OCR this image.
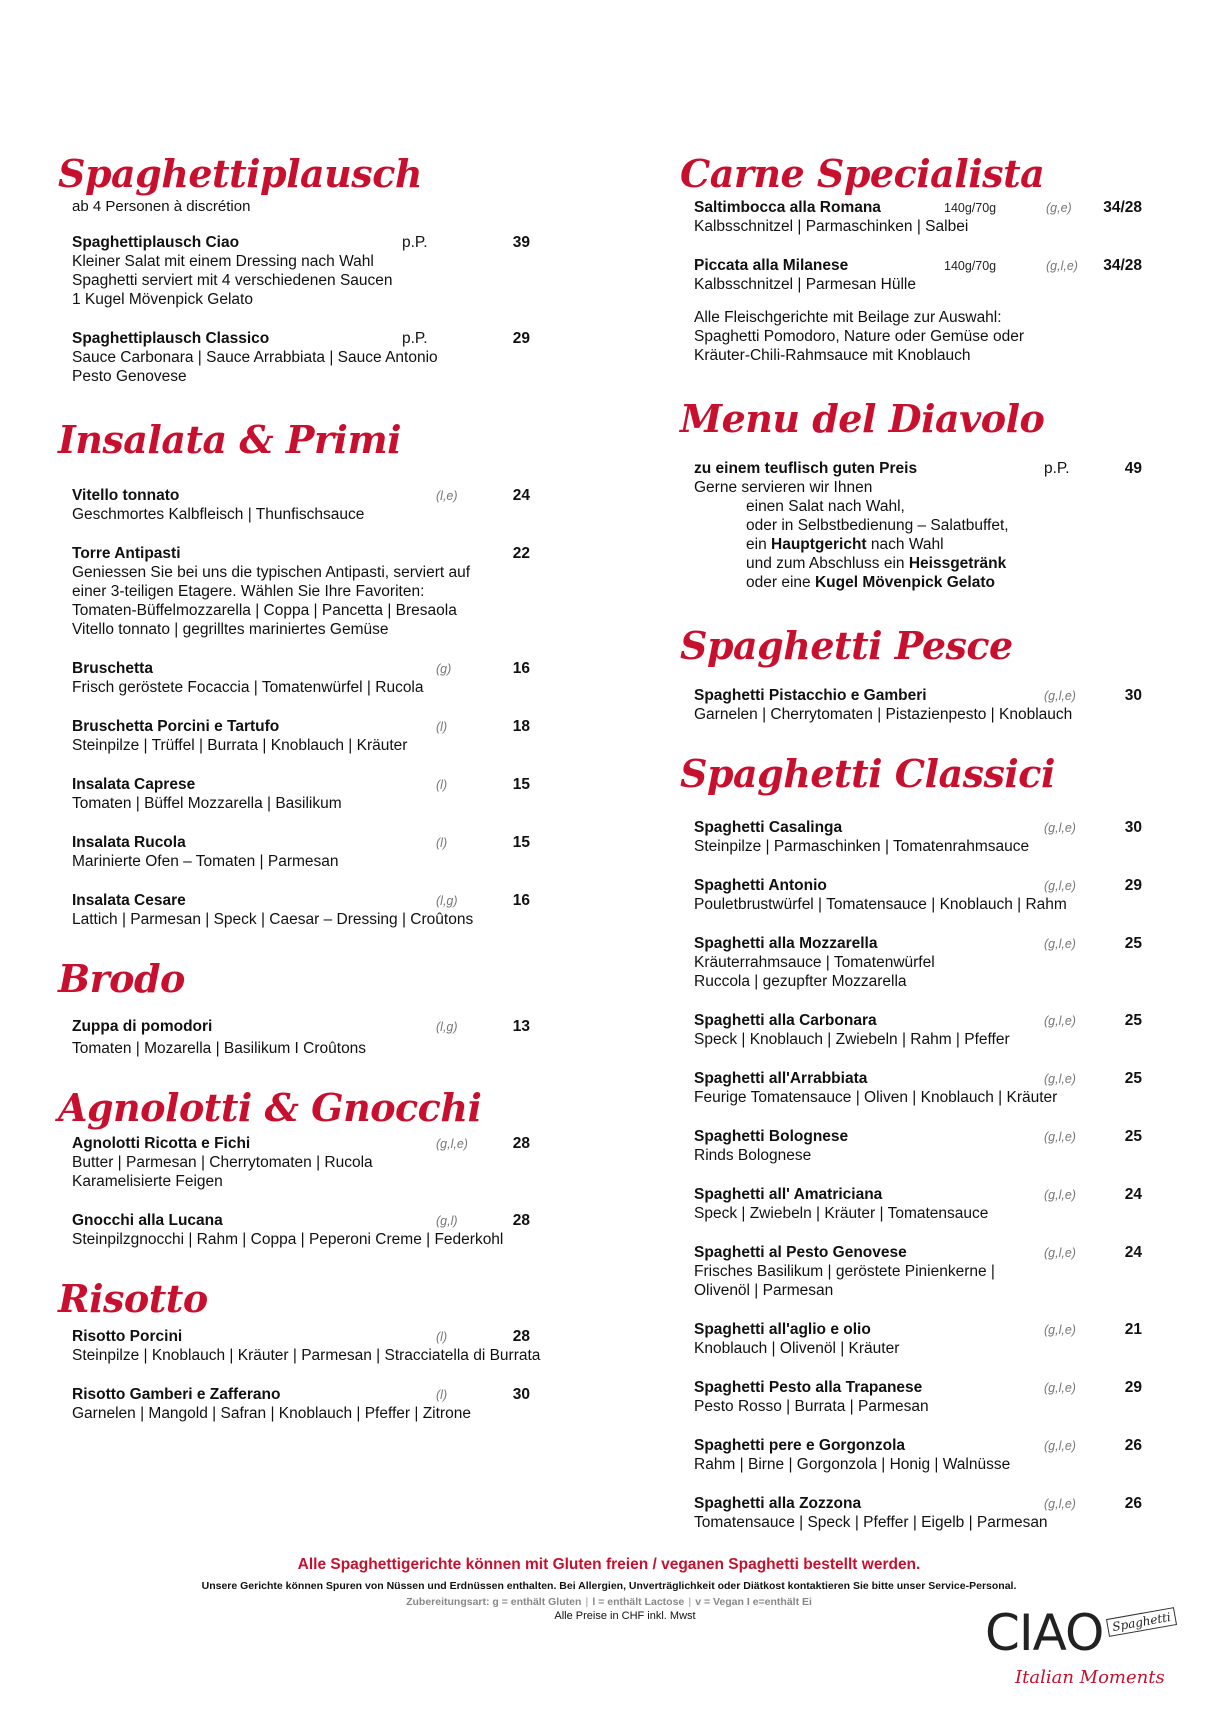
Spaghettiplausch

ab 4 Personen à discrétion

Spaghettiplausch Ciao	p.P.	39
Kleiner Salat mit einem Dressing nach Wahl
Spaghetti serviert mit 4 verschiedenen Saucen
1 Kugel Mövenpick Gelato
Spaghettiplausch Classico	p.P.	29
Sauce Carbonara | Sauce Arrabbiata | Sauce Antonio
Pesto Genovese
Insalata & Primi
Vitello tonnato	(l,e)	24
Geschmortes Kalbfleisch | Thunfischsauce
Torre Antipasti	22
Geniessen Sie bei uns die typischen Antipasti, serviert auf
einer 3-teiligen Etagere. Wählen Sie Ihre Favoriten:
Tomaten-Büffelmozzarella | Coppa | Pancetta | Bresaola
Vitello tonnato | gegrilltes mariniertes Gemüse
Bruschetta	(g)	16
Frisch geröstete Focaccia | Tomatenwürfel | Rucola
Bruschetta Porcini e Tartufo	(l)	18
Steinpilze | Trüffel | Burrata | Knoblauch | Kräuter
Insalata Caprese	(l)	15
Tomaten | Büffel Mozzarella | Basilikum
Insalata Rucola	(l)	15
Marinierte Ofen – Tomaten | Parmesan
Insalata Cesare	(l,g)	16
Lattich | Parmesan | Speck | Caesar – Dressing | Croûtons
Brodo
Zuppa di pomodori	(l,g)	13
Tomaten | Mozarella | Basilikum I Croûtons
Agnolotti & Gnocchi
Agnolotti Ricotta e Fichi	(g,l,e)	28
Butter | Parmesan | Cherrytomaten | Rucola
Karamelisierte Feigen
Gnocchi alla Lucana	(g,l)	28
Steinpilzgnocchi | Rahm | Coppa | Peperoni Creme | Federkohl
Risotto
Risotto Porcini	(l)	28
Steinpilze | Knoblauch | Kräuter | Parmesan | Stracciatella di Burrata
Risotto Gamberi e Zafferano	(l)	30
Garnelen | Mangold | Safran | Knoblauch | Pfeffer | Zitrone
Carne Specialista
Saltimbocca alla Romana	140g/70g	(g,e) 34/28
Kalbsschnitzel | Parmaschinken | Salbei
Piccata alla Milanese	140g/70g	(g,l,e) 34/28
Kalbsschnitzel | Parmesan Hülle
Alle Fleischgerichte mit Beilage zur Auswahl:
Spaghetti Pomodoro, Nature oder Gemüse oder
Kräuter-Chili-Rahmsauce mit Knoblauch
Menu del Diavolo
zu einem teuflisch guten Preis	p.P.	49
Gerne servieren wir Ihnen
einen Salat nach Wahl,
oder in Selbstbedienung – Salatbuffet,
ein Hauptgericht nach Wahl
und zum Abschluss ein Heissgetränk
oder eine Kugel Mövenpick Gelato
Spaghetti Pesce
Spaghetti Pistacchio e Gamberi	(g,l,e)	30
Garnelen | Cherrytomaten | Pistazienpesto | Knoblauch
Spaghetti Classici
Spaghetti Casalinga	(g,l,e)	30
Steinpilze | Parmaschinken | Tomatenrahmsauce
Spaghetti Antonio	(g,l,e)	29
Pouletbrustwürfel | Tomatensauce | Knoblauch | Rahm
Spaghetti alla Mozzarella	(g,l,e)	25
Kräuterrahmsauce | Tomatenwürfel
Ruccola | gezupfter Mozzarella
Spaghetti alla Carbonara	(g,l,e)	25
Speck | Knoblauch | Zwiebeln | Rahm | Pfeffer
Spaghetti all'Arrabbiata	(g,l,e)	25
Feurige Tomatensauce | Oliven | Knoblauch | Kräuter
Spaghetti Bolognese	(g,l,e)	25
Rinds Bolognese
Spaghetti all' Amatriciana	(g,l,e)	24
Speck | Zwiebeln | Kräuter | Tomatensauce
Spaghetti al Pesto Genovese	(g,l,e)	24
Frisches Basilikum | geröstete Pinienkerne |
Olivenöl | Parmesan
Spaghetti all'aglio e olio	(g,l,e)	21
Knoblauch | Olivenöl | Kräuter
Spaghetti Pesto alla Trapanese	(g,l,e)	29
Pesto Rosso | Burrata | Parmesan
Spaghetti pere e Gorgonzola	(g,l,e)	26
Rahm | Birne | Gorgonzola | Honig | Walnüsse
Spaghetti alla Zozzona	(g,l,e)	26
Tomatensauce | Speck | Pfeffer | Eigelb | Parmesan
Alle Spaghettigerichte können mit Gluten freien / veganen Spaghetti bestellt werden.
Unsere Gerichte können Spuren von Nüssen und Erdnüssen enthalten. Bei Allergien, Unverträglichkeit oder Diätkost kontaktieren Sie bitte unser Service-Personal.
Zubereitungsart: g = enthält Gluten | l = enthält Lactose | v = Vegan I e=enthält Ei
Alle Preise in CHF inkl. Mwst	CIAO Spaghetti
Italian Moments
